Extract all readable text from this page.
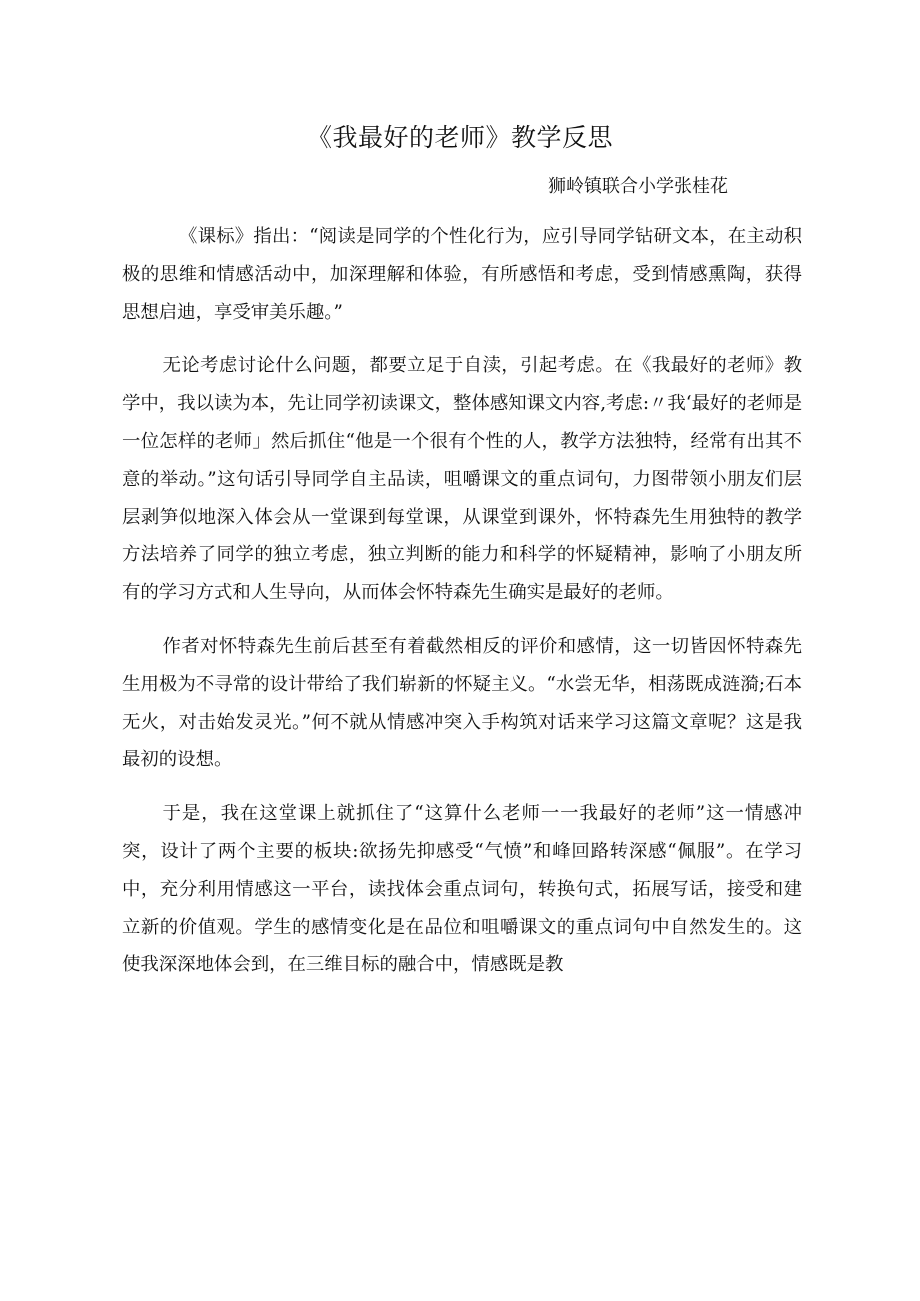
《我最好的老师》教学反思
狮岭镇联合小学张桂花

《课标》指出：“阅读是同学的个性化行为，应引导同学钻研文本，在主动积极的思维和情感活动中，加深理解和体验，有所感悟和考虑，受到情感熏陶，获得思想启迪，享受审美乐趣。”

无论考虑讨论什么问题，都要立足于自渎，引起考虑。在《我最好的老师》教学中，我以读为本，先让同学初读课文，整体感知课文内容,考虑:〃我‘最好的老师是一位怎样的老师」然后抓住“他是一个很有个性的人，教学方法独特，经常有出其不意的举动。”这句话引导同学自主品读，咀嚼课文的重点词句，力图带领小朋友们层层剥笋似地深入体会从一堂课到每堂课，从课堂到课外，怀特森先生用独特的教学方法培养了同学的独立考虑，独立判断的能力和科学的怀疑精神，影响了小朋友所有的学习方式和人生导向，从而体会怀特森先生确实是最好的老师。

作者对怀特森先生前后甚至有着截然相反的评价和感情，这一切皆因怀特森先生用极为不寻常的设计带给了我们崭新的怀疑主义。“水尝无华，相荡既成涟漪;石本无火，对击始发灵光。”何不就从情感冲突入手构筑对话来学习这篇文章呢？这是我最初的设想。

于是，我在这堂课上就抓住了“这算什么老师一一我最好的老师”这一情感冲突，设计了两个主要的板块:欲扬先抑感受“气愤”和峰回路转深感“佩服”。在学习中，充分利用情感这一平台，读找体会重点词句，转换句式，拓展写话，接受和建立新的价值观。学生的感情变化是在品位和咀嚼课文的重点词句中自然发生的。这使我深深地体会到，在三维目标的融合中，情感既是教
